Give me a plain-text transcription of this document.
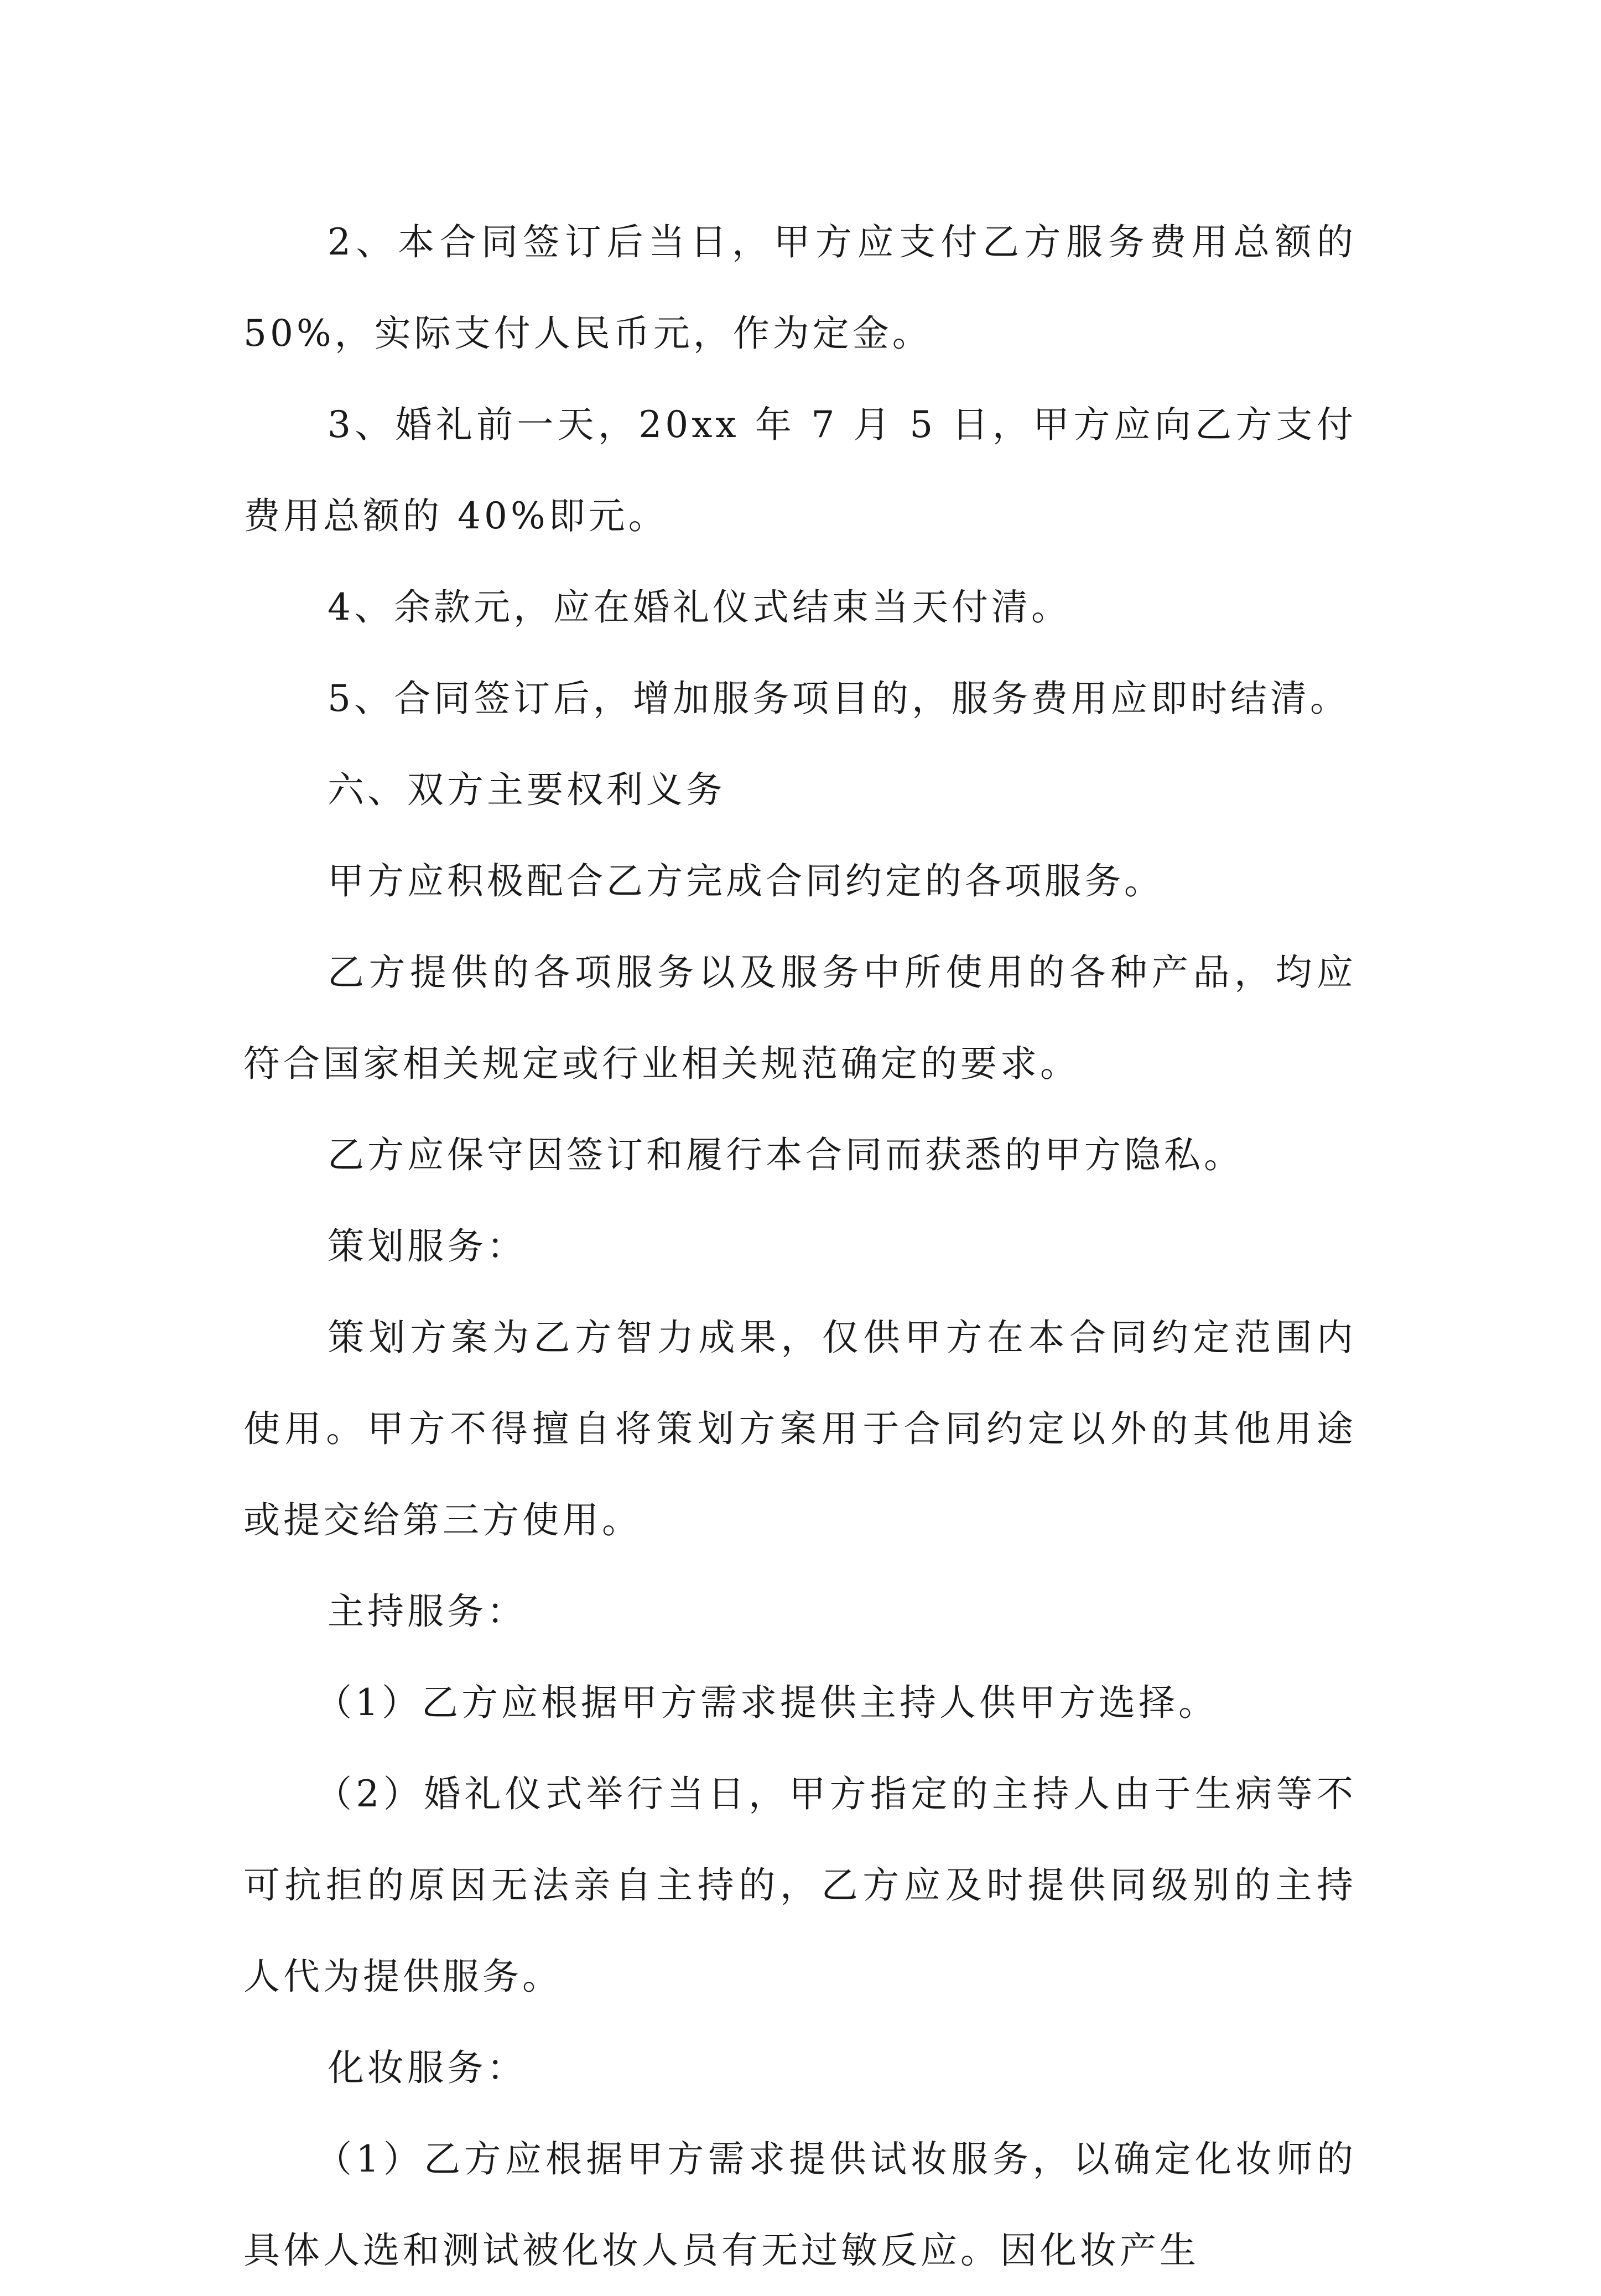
2、本合同签订后当日，甲方应支付乙方服务费用总额的 50%，实际支付人民币元，作为定金。

3、婚礼前一天，20xx 年 7 月 5 日，甲方应向乙方支付费用总额的 40%即元。

4、余款元，应在婚礼仪式结束当天付清。

5、合同签订后，增加服务项目的，服务费用应即时结清。

六、双方主要权利义务

甲方应积极配合乙方完成合同约定的各项服务。

乙方提供的各项服务以及服务中所使用的各种产品，均应符合国家相关规定或行业相关规范确定的要求。

乙方应保守因签订和履行本合同而获悉的甲方隐私。

策划服务：

策划方案为乙方智力成果，仅供甲方在本合同约定范围内使用。甲方不得擅自将策划方案用于合同约定以外的其他用途或提交给第三方使用。

主持服务：

（1）乙方应根据甲方需求提供主持人供甲方选择。

（2）婚礼仪式举行当日，甲方指定的主持人由于生病等不可抗拒的原因无法亲自主持的，乙方应及时提供同级别的主持人代为提供服务。

化妆服务：

（1）乙方应根据甲方需求提供试妆服务，以确定化妆师的具体人选和测试被化妆人员有无过敏反应。因化妆产生
